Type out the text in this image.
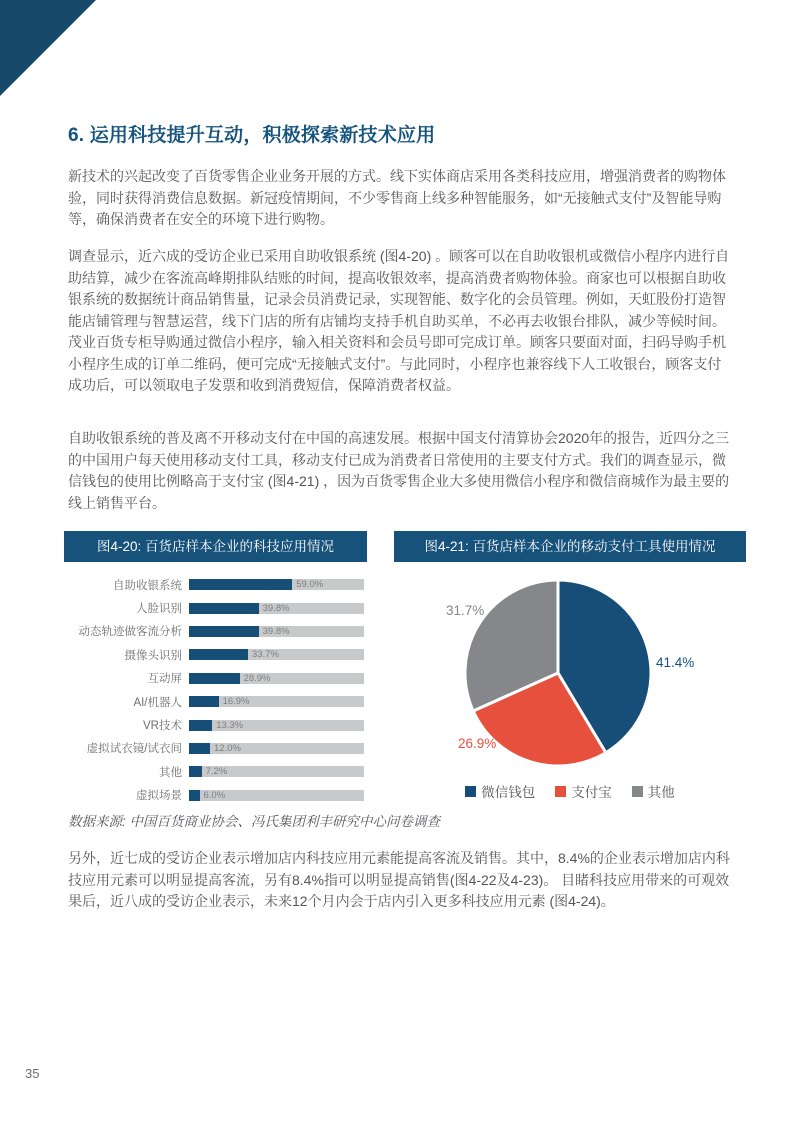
6. 运用科技提升互动，积极探索新技术应用

新技术的兴起改变了百货零售企业业务开展的方式。线下实体商店采用各类科技应用，增强消费者的购物体验，同时获得消费信息数据。新冠疫情期间，不少零售商上线多种智能服务，如“无接触式支付”及智能导购等，确保消费者在安全的环境下进行购物。

调查显示，近六成的受访企业已采用自助收银系统 (图4-20) 。顾客可以在自助收银机或微信小程序内进行自助结算，减少在客流高峰期排队结账的时间，提高收银效率，提高消费者购物体验。商家也可以根据自助收银系统的数据统计商品销售量，记录会员消费记录，实现智能、数字化的会员管理。例如，天虹股份打造智能店铺管理与智慧运营，线下门店的所有店铺均支持手机自助买单，不必再去收银台排队，减少等候时间。茂业百货专柜导购通过微信小程序，输入相关资料和会员号即可完成订单。顾客只要面对面，扫码导购手机小程序生成的订单二维码，便可完成“无接触式支付”。与此同时，小程序也兼容线下人工收银台，顾客支付成功后，可以领取电子发票和收到消费短信，保障消费者权益。

自助收银系统的普及离不开移动支付在中国的高速发展。根据中国支付清算协会2020年的报告，近四分之三的中国用户每天使用移动支付工具，移动支付已成为消费者日常使用的主要支付方式。我们的调查显示，微信钱包的使用比例略高于支付宝 (图4-21) ，因为百货零售企业大多使用微信小程序和微信商城作为最主要的线上销售平台。

图4-20: 百货店样本企业的科技应用情况
自助收银系统	59.0%
人脸识别	39.8%
动态轨迹做客流分析	39.8%
摄像头识别	33.7%
互动屏	28.9%
AI/机器人	16.9%
VR技术	13.3%
虚拟试衣镜/试衣间	12.0%
其他 7.2%
虚拟场景 6.0%
图4-21: 百货店样本企业的移动支付工具使用情况
31.7%
41.4%
26.9%
微信钱包	支付宝	其他

数据来源: 中国百货商业协会、冯氏集团利丰研究中心问卷调查

另外，近七成的受访企业表示增加店内科技应用元素能提高客流及销售。其中，8.4%的企业表示增加店内科技应用元素可以明显提高客流，另有8.4%指可以明显提高销售(图4-22及4-23)。 目睹科技应用带来的可观效果后，近八成的受访企业表示，未来12个月内会于店内引入更多科技应用元素 (图4-24)。

35
